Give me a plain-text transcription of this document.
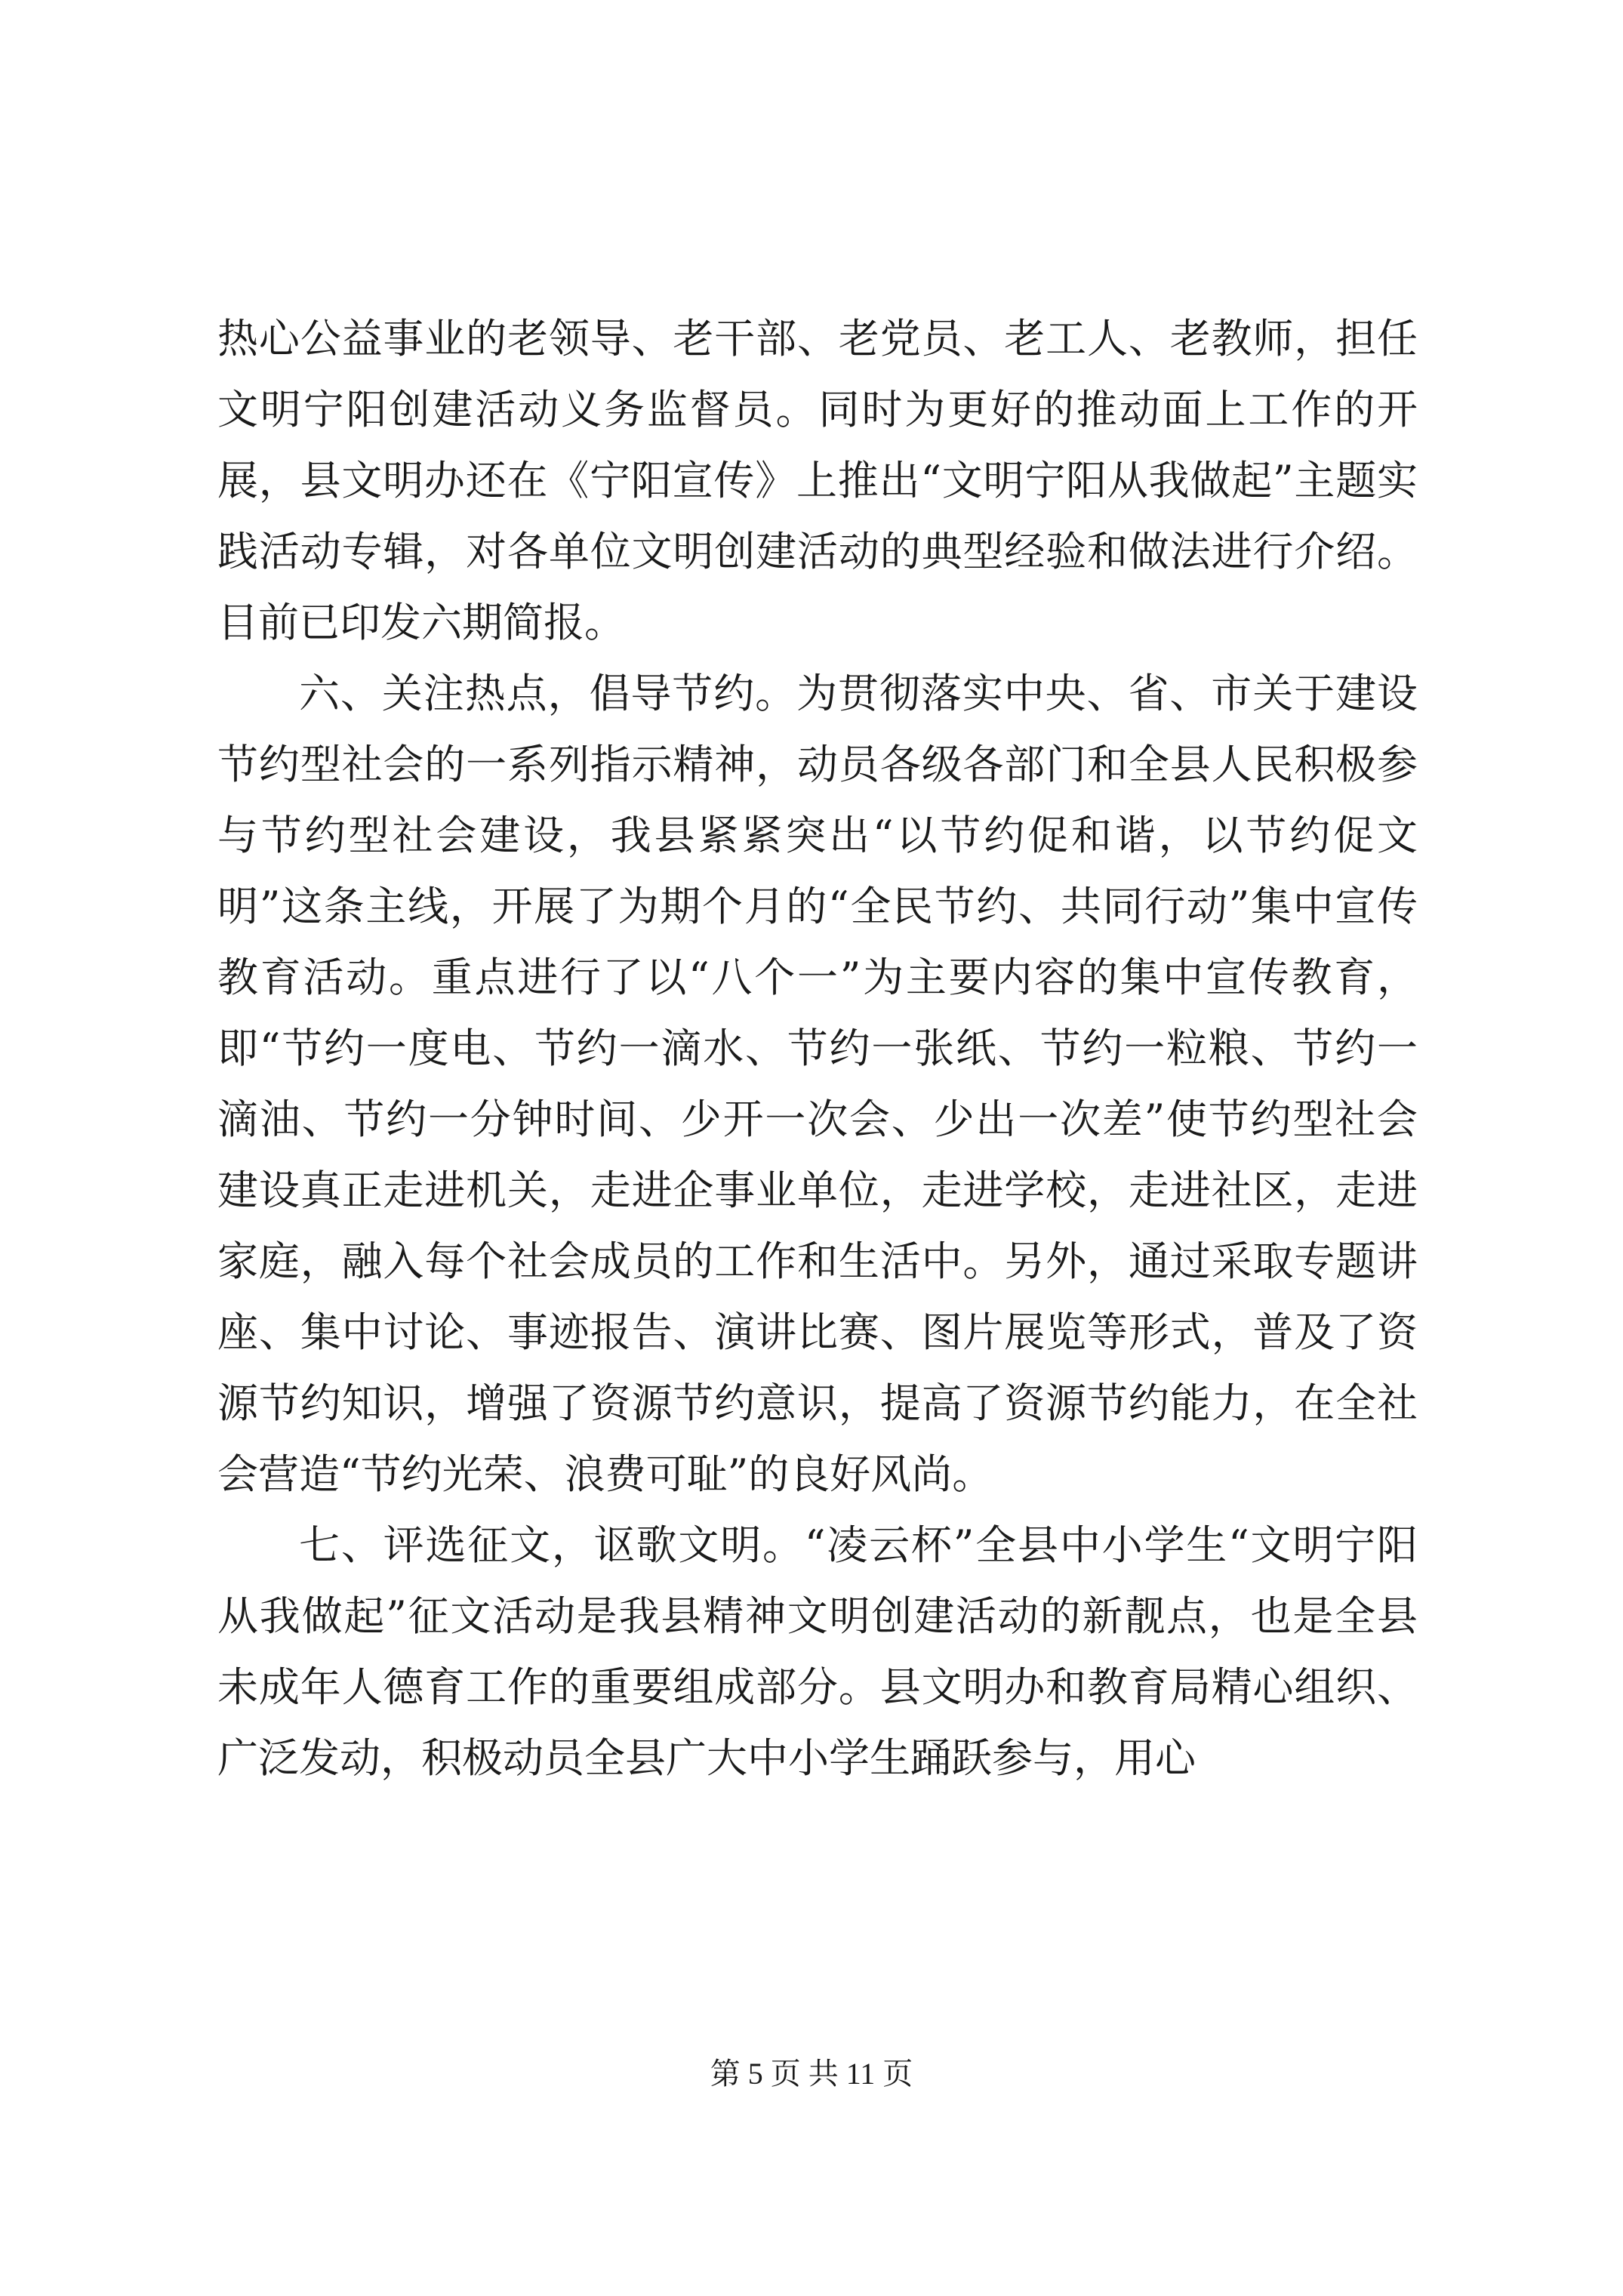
热心公益事业的老领导、老干部、老党员、老工人、老教师，担任文明宁阳创建活动义务监督员。同时为更好的推动面上工作的开展，县文明办还在《宁阳宣传》上推出“文明宁阳从我做起”主题实践活动专辑，对各单位文明创建活动的典型经验和做法进行介绍。目前已印发六期简报。

六、关注热点，倡导节约。为贯彻落实中央、省、市关于建设节约型社会的一系列指示精神，动员各级各部门和全县人民积极参与节约型社会建设，我县紧紧突出“以节约促和谐，以节约促文明”这条主线，开展了为期个月的“全民节约、共同行动”集中宣传教育活动。重点进行了以“八个一”为主要内容的集中宣传教育，即“节约一度电、节约一滴水、节约一张纸、节约一粒粮、节约一滴油、节约一分钟时间、少开一次会、少出一次差”使节约型社会建设真正走进机关，走进企事业单位，走进学校，走进社区，走进家庭，融入每个社会成员的工作和生活中。另外，通过采取专题讲座、集中讨论、事迹报告、演讲比赛、图片展览等形式，普及了资源节约知识，增强了资源节约意识，提高了资源节约能力，在全社会营造“节约光荣、浪费可耻”的良好风尚。

七、评选征文，讴歌文明。“凌云杯”全县中小学生“文明宁阳从我做起”征文活动是我县精神文明创建活动的新靓点，也是全县未成年人德育工作的重要组成部分。县文明办和教育局精心组织、广泛发动，积极动员全县广大中小学生踊跃参与，用心

第 5 页 共 11 页
